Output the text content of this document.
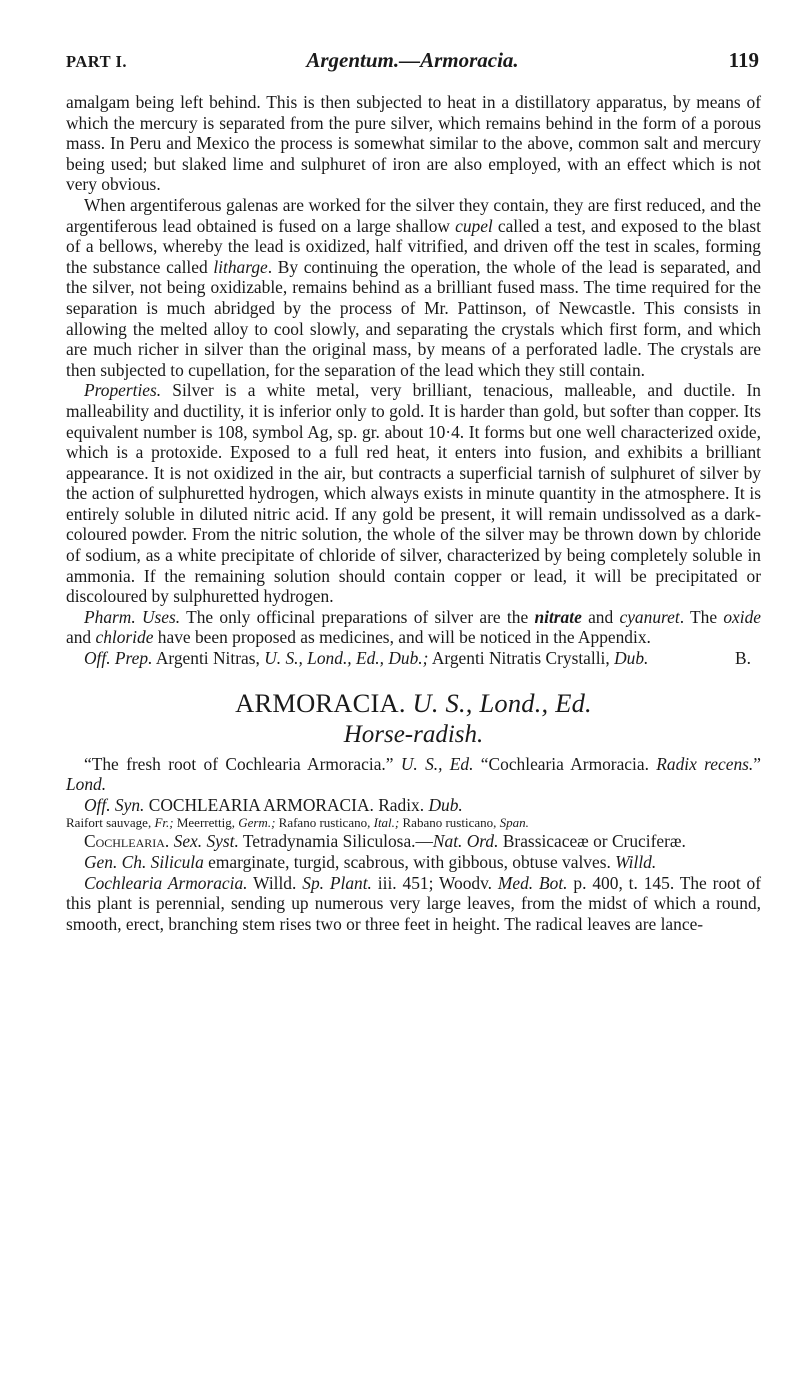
PART I.	Argentum.—Armoracia.	119

amalgam being left behind. This is then subjected to heat in a distillatory apparatus, by means of which the mercury is separated from the pure silver, which remains behind in the form of a porous mass. In Peru and Mexico the process is somewhat similar to the above, common salt and mercury being used; but slaked lime and sulphuret of iron are also employed, with an effect which is not very obvious.

When argentiferous galenas are worked for the silver they contain, they are first reduced, and the argentiferous lead obtained is fused on a large shallow cupel called a test, and exposed to the blast of a bellows, whereby the lead is oxidized, half vitrified, and driven off the test in scales, forming the substance called litharge. By continuing the operation, the whole of the lead is separated, and the silver, not being oxidizable, remains behind as a brilliant fused mass. The time required for the separation is much abridged by the process of Mr. Pattinson, of Newcastle. This consists in allowing the melted alloy to cool slowly, and separating the crystals which first form, and which are much richer in silver than the original mass, by means of a perforated ladle. The crystals are then subjected to cupellation, for the separation of the lead which they still contain.

Properties. Silver is a white metal, very brilliant, tenacious, malleable, and ductile. In malleability and ductility, it is inferior only to gold. It is harder than gold, but softer than copper. Its equivalent number is 108, symbol Ag, sp. gr. about 10·4. It forms but one well characterized oxide, which is a protoxide. Exposed to a full red heat, it enters into fusion, and exhibits a brilliant appearance. It is not oxidized in the air, but contracts a superficial tarnish of sulphuret of silver by the action of sulphuretted hydrogen, which always exists in minute quantity in the atmosphere. It is entirely soluble in diluted nitric acid. If any gold be present, it will remain undissolved as a dark-coloured powder. From the nitric solution, the whole of the silver may be thrown down by chloride of sodium, as a white precipitate of chloride of silver, characterized by being completely soluble in ammonia. If the remaining solution should contain copper or lead, it will be precipitated or discoloured by sulphuretted hydrogen.

Pharm. Uses. The only officinal preparations of silver are the nitrate and cyanuret. The oxide and chloride have been proposed as medicines, and will be noticed in the Appendix.

Off. Prep. Argenti Nitras, U. S., Lond., Ed., Dub.; Argenti Nitratis Crystalli, Dub.	B.
ARMORACIA. U. S., Lond., Ed.
Horse-radish.

“The fresh root of Cochlearia Armoracia.” U. S., Ed. “Cochlearia Armoracia. Radix recens.” Lond.

Off. Syn. COCHLEARIA ARMORACIA. Radix. Dub.

Raifort sauvage, Fr.; Meerrettig, Germ.; Rafano rusticano, Ital.; Rabano rusticano, Span.

Cochlearia. Sex. Syst. Tetradynamia Siliculosa.—Nat. Ord. Brassicaceæ or Cruciferæ.

Gen. Ch. Silicula emarginate, turgid, scabrous, with gibbous, obtuse valves. Willd.

Cochlearia Armoracia. Willd. Sp. Plant. iii. 451; Woodv. Med. Bot. p. 400, t. 145. The root of this plant is perennial, sending up numerous very large leaves, from the midst of which a round, smooth, erect, branching stem rises two or three feet in height. The radical leaves are lance-
